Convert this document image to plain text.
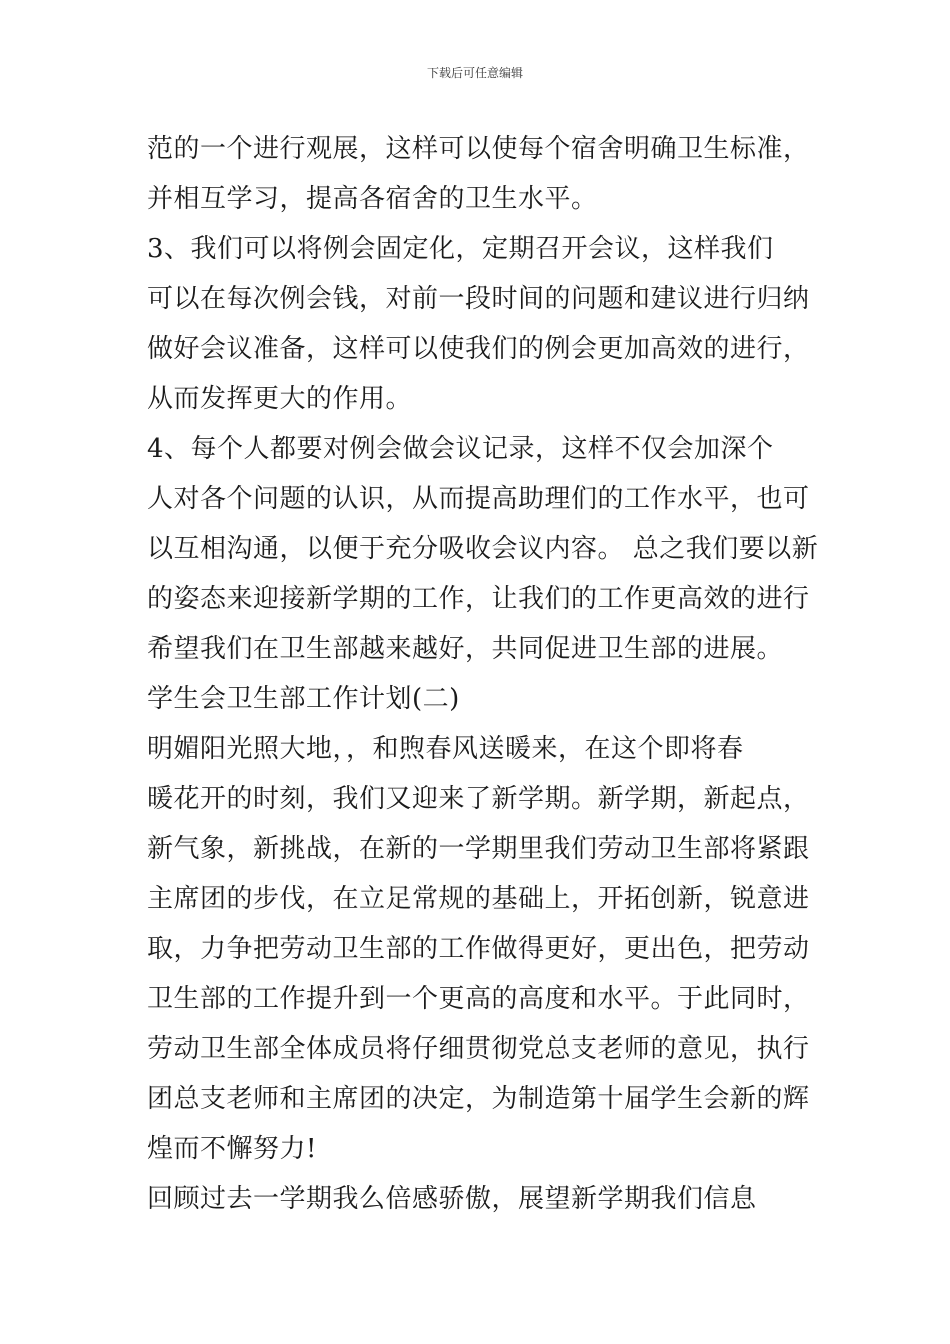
下载后可任意编辑
范的一个进行观展，这样可以使每个宿舍明确卫生标准，
并相互学习，提高各宿舍的卫生水平。
3、我们可以将例会固定化，定期召开会议，这样我们
可以在每次例会钱，对前一段时间的问题和建议进行归纳
做好会议准备，这样可以使我们的例会更加高效的进行，
从而发挥更大的作用。
4、每个人都要对例会做会议记录，这样不仅会加深个
人对各个问题的认识，从而提高助理们的工作水平，也可
以互相沟通，以便于充分吸收会议内容。 总之我们要以新
的姿态来迎接新学期的工作，让我们的工作更高效的进行
希望我们在卫生部越来越好，共同促进卫生部的进展。
学生会卫生部工作计划(二)
明媚阳光照大地，，和煦春风送暖来，在这个即将春
暖花开的时刻，我们又迎来了新学期。新学期，新起点，
新气象，新挑战，在新的一学期里我们劳动卫生部将紧跟
主席团的步伐，在立足常规的基础上，开拓创新，锐意进
取，力争把劳动卫生部的工作做得更好，更出色，把劳动
卫生部的工作提升到一个更高的高度和水平。于此同时，
劳动卫生部全体成员将仔细贯彻党总支老师的意见，执行
团总支老师和主席团的决定，为制造第十届学生会新的辉
煌而不懈努力!
回顾过去一学期我么倍感骄傲，展望新学期我们信息
